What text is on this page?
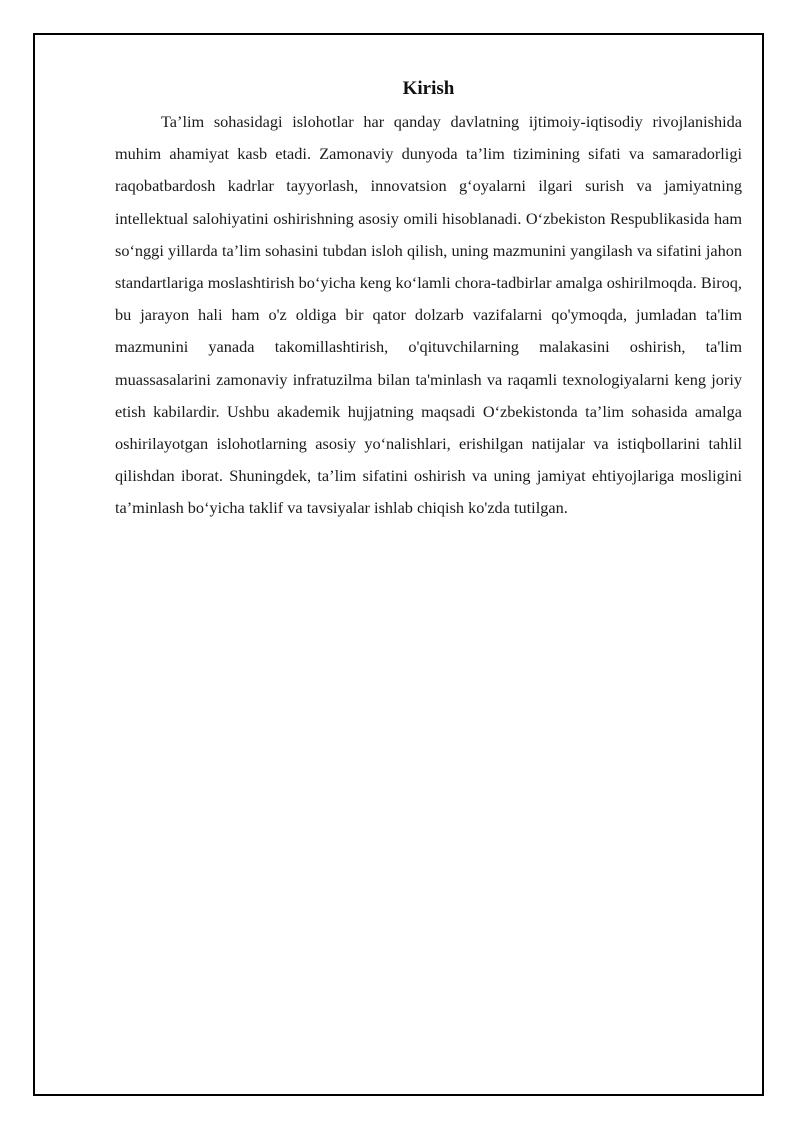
Kirish

Ta’lim sohasidagi islohotlar har qanday davlatning ijtimoiy-iqtisodiy rivojlanishida muhim ahamiyat kasb etadi. Zamonaviy dunyoda ta’lim tizimining sifati va samaradorligi raqobatbardosh kadrlar tayyorlash, innovatsion g‘oyalarni ilgari surish va jamiyatning intellektual salohiyatini oshirishning asosiy omili hisoblanadi. O‘zbekiston Respublikasida ham so‘nggi yillarda ta’lim sohasini tubdan isloh qilish, uning mazmunini yangilash va sifatini jahon standartlariga moslashtirish bo‘yicha keng ko‘lamli chora-tadbirlar amalga oshirilmoqda. Biroq, bu jarayon hali ham o'z oldiga bir qator dolzarb vazifalarni qo'ymoqda, jumladan ta'lim mazmunini yanada takomillashtirish, o'qituvchilarning malakasini oshirish, ta'lim muassasalarini zamonaviy infratuzilma bilan ta'minlash va raqamli texnologiyalarni keng joriy etish kabilardir. Ushbu akademik hujjatning maqsadi O‘zbekistonda ta’lim sohasida amalga oshirilayotgan islohotlarning asosiy yo‘nalishlari, erishilgan natijalar va istiqbollarini tahlil qilishdan iborat. Shuningdek, ta’lim sifatini oshirish va uning jamiyat ehtiyojlariga mosligini ta’minlash bo‘yicha taklif va tavsiyalar ishlab chiqish ko'zda tutilgan.
